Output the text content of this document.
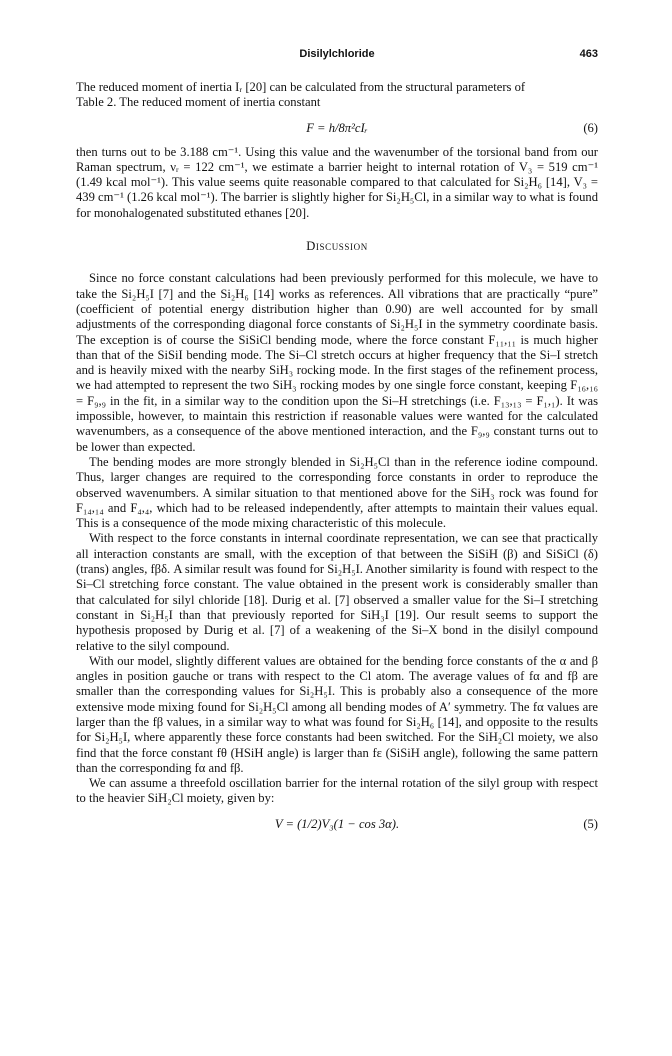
Disilylchloride	463

The reduced moment of inertia Iᵣ [20] can be calculated from the structural parameters of
Table 2. The reduced moment of inertia constant

F = h/8π²cIᵣ	(6)

then turns out to be 3.188 cm⁻¹. Using this value and the wavenumber of the torsional band from our Raman spectrum, νᵣ = 122 cm⁻¹, we estimate a barrier height to internal rotation of V₃ = 519 cm⁻¹ (1.49 kcal mol⁻¹). This value seems quite reasonable compared to that calculated for Si₂H₆ [14], V₃ = 439 cm⁻¹ (1.26 kcal mol⁻¹). The barrier is slightly higher for Si₂H₅Cl, in a similar way to what is found for monohalogenated substituted ethanes [20].

Discussion

Since no force constant calculations had been previously performed for this molecule, we have to take the Si₂H₅I [7] and the Si₂H₆ [14] works as references. All vibrations that are practically “pure” (coefficient of potential energy distribution higher than 0.90) are well accounted for by small adjustments of the corresponding diagonal force constants of Si₂H₅I in the symmetry coordinate basis. The exception is of course the SiSiCl bending mode, where the force constant F₁₁,₁₁ is much higher than that of the SiSiI bending mode. The Si–Cl stretch occurs at higher frequency that the Si–I stretch and is heavily mixed with the nearby SiH₃ rocking mode. In the first stages of the refinement process, we had attempted to represent the two SiH₃ rocking modes by one single force constant, keeping F₁₆,₁₆ = F₉,₉ in the fit, in a similar way to the condition upon the Si–H stretchings (i.e. F₁₃,₁₃ = F₁,₁). It was impossible, however, to maintain this restriction if reasonable values were wanted for the calculated wavenumbers, as a consequence of the above mentioned interaction, and the F₉,₉ constant turns out to be lower than expected.

The bending modes are more strongly blended in Si₂H₅Cl than in the reference iodine compound. Thus, larger changes are required to the corresponding force constants in order to reproduce the observed wavenumbers. A similar situation to that mentioned above for the SiH₃ rock was found for F₁₄,₁₄ and F₄,₄, which had to be released independently, after attempts to maintain their values equal. This is a consequence of the mode mixing characteristic of this molecule.

With respect to the force constants in internal coordinate representation, we can see that practically all interaction constants are small, with the exception of that between the SiSiH (β) and SiSiCl (δ) (trans) angles, fβδ. A similar result was found for Si₂H₅I. Another similarity is found with respect to the Si–Cl stretching force constant. The value obtained in the present work is considerably smaller than that calculated for silyl chloride [18]. Durig et al. [7] observed a smaller value for the Si–I stretching constant in Si₂H₅I than that previously reported for SiH₃I [19]. Our result seems to support the hypothesis proposed by Durig et al. [7] of a weakening of the Si–X bond in the disilyl compound relative to the silyl compound.

With our model, slightly different values are obtained for the bending force constants of the α and β angles in position gauche or trans with respect to the Cl atom. The average values of fα and fβ are smaller than the corresponding values for Si₂H₅I. This is probably also a consequence of the more extensive mode mixing found for Si₂H₅Cl among all bending modes of A′ symmetry. The fα values are larger than the fβ values, in a similar way to what was found for Si₂H₆ [14], and opposite to the results for Si₂H₅I, where apparently these force constants had been switched. For the SiH₂Cl moiety, we also find that the force constant fθ (HSiH angle) is larger than fε (SiSiH angle), following the same pattern than the corresponding fα and fβ.

We can assume a threefold oscillation barrier for the internal rotation of the silyl group with respect to the heavier SiH₂Cl moiety, given by:

V = (1/2)V₃(1 − cos 3α).	(5)
